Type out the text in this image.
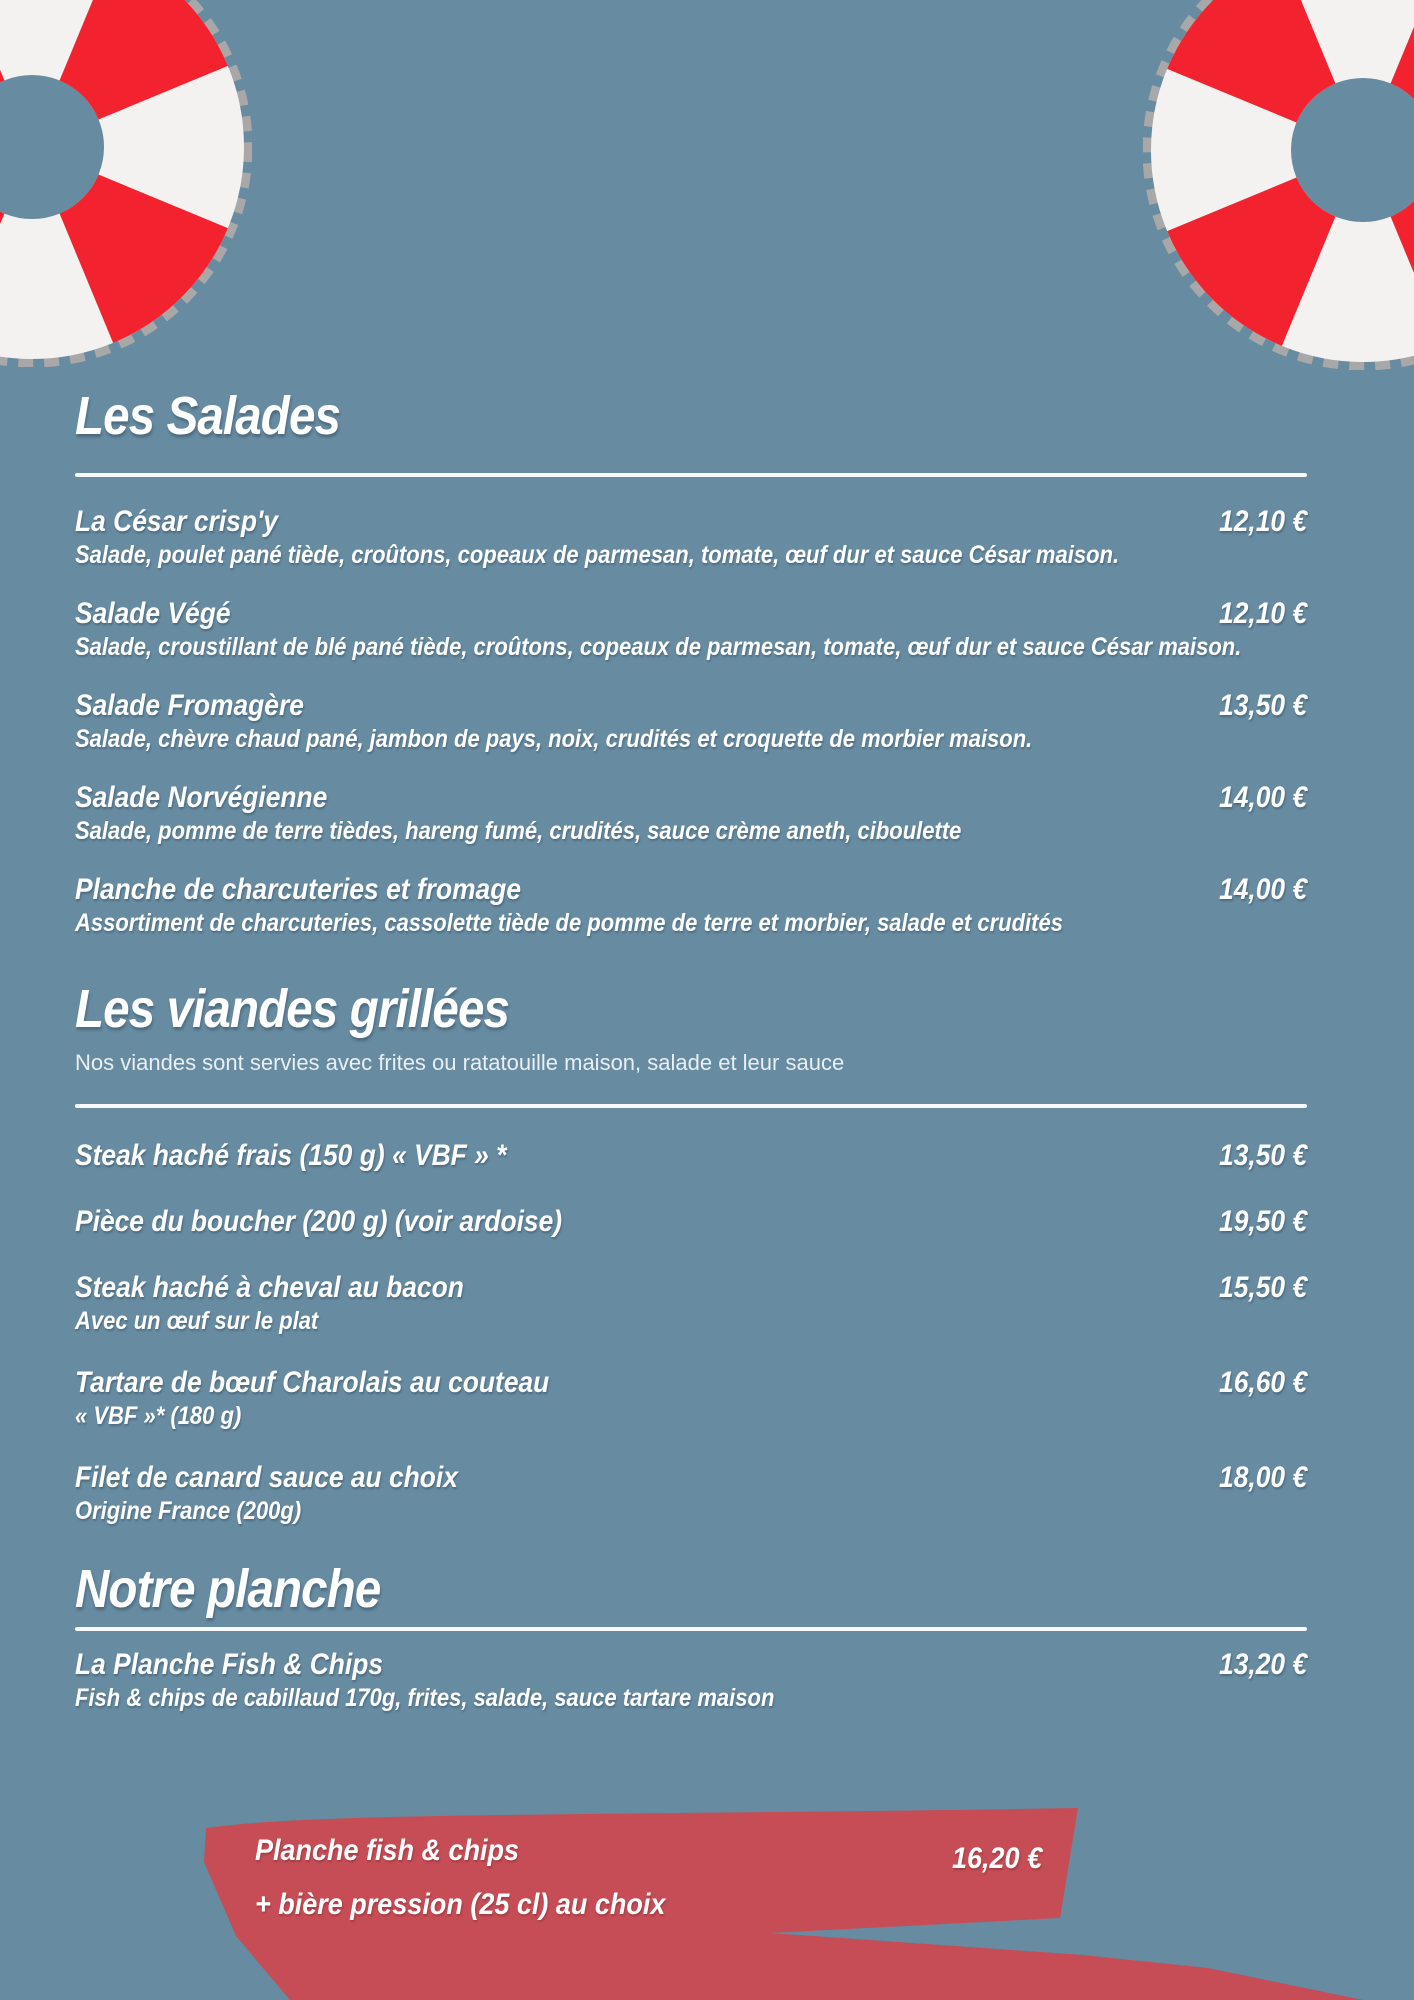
Les Salades
La César crisp'y	12,10 €

Salade, poulet pané tiède, croûtons, copeaux de parmesan, tomate, œuf dur et sauce César maison.

Salade Végé	12,10 €

Salade, croustillant de blé pané tiède, croûtons, copeaux de parmesan, tomate, œuf dur et sauce César maison.

Salade Fromagère	13,50 €

Salade, chèvre chaud pané, jambon de pays, noix, crudités et croquette de morbier maison.

Salade Norvégienne	14,00 €

Salade, pomme de terre tièdes, hareng fumé, crudités, sauce crème aneth, ciboulette

Planche de charcuteries et fromage	14,00 €

Assortiment de charcuteries, cassolette tiède de pomme de terre et morbier, salade et crudités

Les viandes grillées

Nos viandes sont servies avec frites ou ratatouille maison, salade et leur sauce

Steak haché frais (150 g) « VBF » *	13,50 €
Pièce du boucher (200 g) (voir ardoise)	19,50 €
Steak haché à cheval au bacon	15,50 €

Avec un œuf sur le plat

Tartare de bœuf Charolais au couteau	16,60 €

« VBF »* (180 g)

Filet de canard sauce au choix	18,00 €

Origine France (200g)

Notre planche
La Planche Fish & Chips	13,20 €

Fish & chips de cabillaud 170g, frites, salade, sauce tartare maison

Planche fish & chips	16,20 €
+ bière pression (25 cl) au choix
